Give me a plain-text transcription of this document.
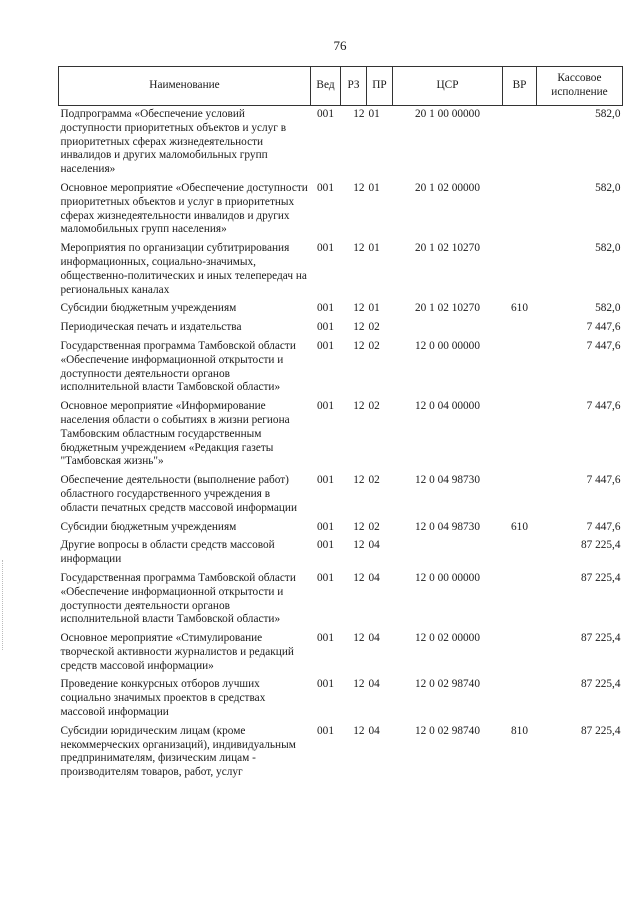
76
Наименование	Вед	РЗ	ПР	ЦСР	ВР	Кассовое исполнение
Подпрограмма «Обеспечение условий доступности приоритетных объектов и услуг в приоритетных сферах жизнедеятельности инвалидов и других маломобильных групп населения»	001	12	01	20 1 00 00000		582,0
Основное мероприятие «Обеспечение доступности приоритетных объектов и услуг в приоритетных сферах жизнедеятельности инвалидов и других маломобильных групп населения»	001	12	01	20 1 02 00000		582,0
Мероприятия по организации субтитрирования информационных, социально-значимых, общественно-политических и иных телепередач на региональных каналах	001	12	01	20 1 02 10270		582,0
Субсидии бюджетным учреждениям	001	12	01	20 1 02 10270	610	582,0
Периодическая печать и издательства	001	12	02			7 447,6
Государственная программа Тамбовской области «Обеспечение информационной открытости и доступности деятельности органов исполнительной власти Тамбовской области»	001	12	02	12 0 00 00000		7 447,6
Основное мероприятие «Информирование населения области о событиях в жизни региона Тамбовским областным государственным бюджетным учреждением «Редакция газеты "Тамбовская жизнь"»	001	12	02	12 0 04 00000		7 447,6
Обеспечение деятельности (выполнение работ) областного государственного учреждения в области печатных средств массовой информации	001	12	02	12 0 04 98730		7 447,6
Субсидии бюджетным учреждениям	001	12	02	12 0 04 98730	610	7 447,6
Другие вопросы в области средств массовой информации	001	12	04			87 225,4
Государственная программа Тамбовской области «Обеспечение информационной открытости и доступности деятельности органов исполнительной власти Тамбовской области»	001	12	04	12 0 00 00000		87 225,4
Основное мероприятие «Стимулирование творческой активности журналистов и редакций средств массовой информации»	001	12	04	12 0 02 00000		87 225,4
Проведение конкурсных отборов лучших социально значимых проектов в средствах массовой информации	001	12	04	12 0 02 98740		87 225,4
Субсидии юридическим лицам (кроме некоммерческих организаций), индивидуальным предпринимателям, физическим лицам - производителям товаров, работ, услуг	001	12	04	12 0 02 98740	810	87 225,4
